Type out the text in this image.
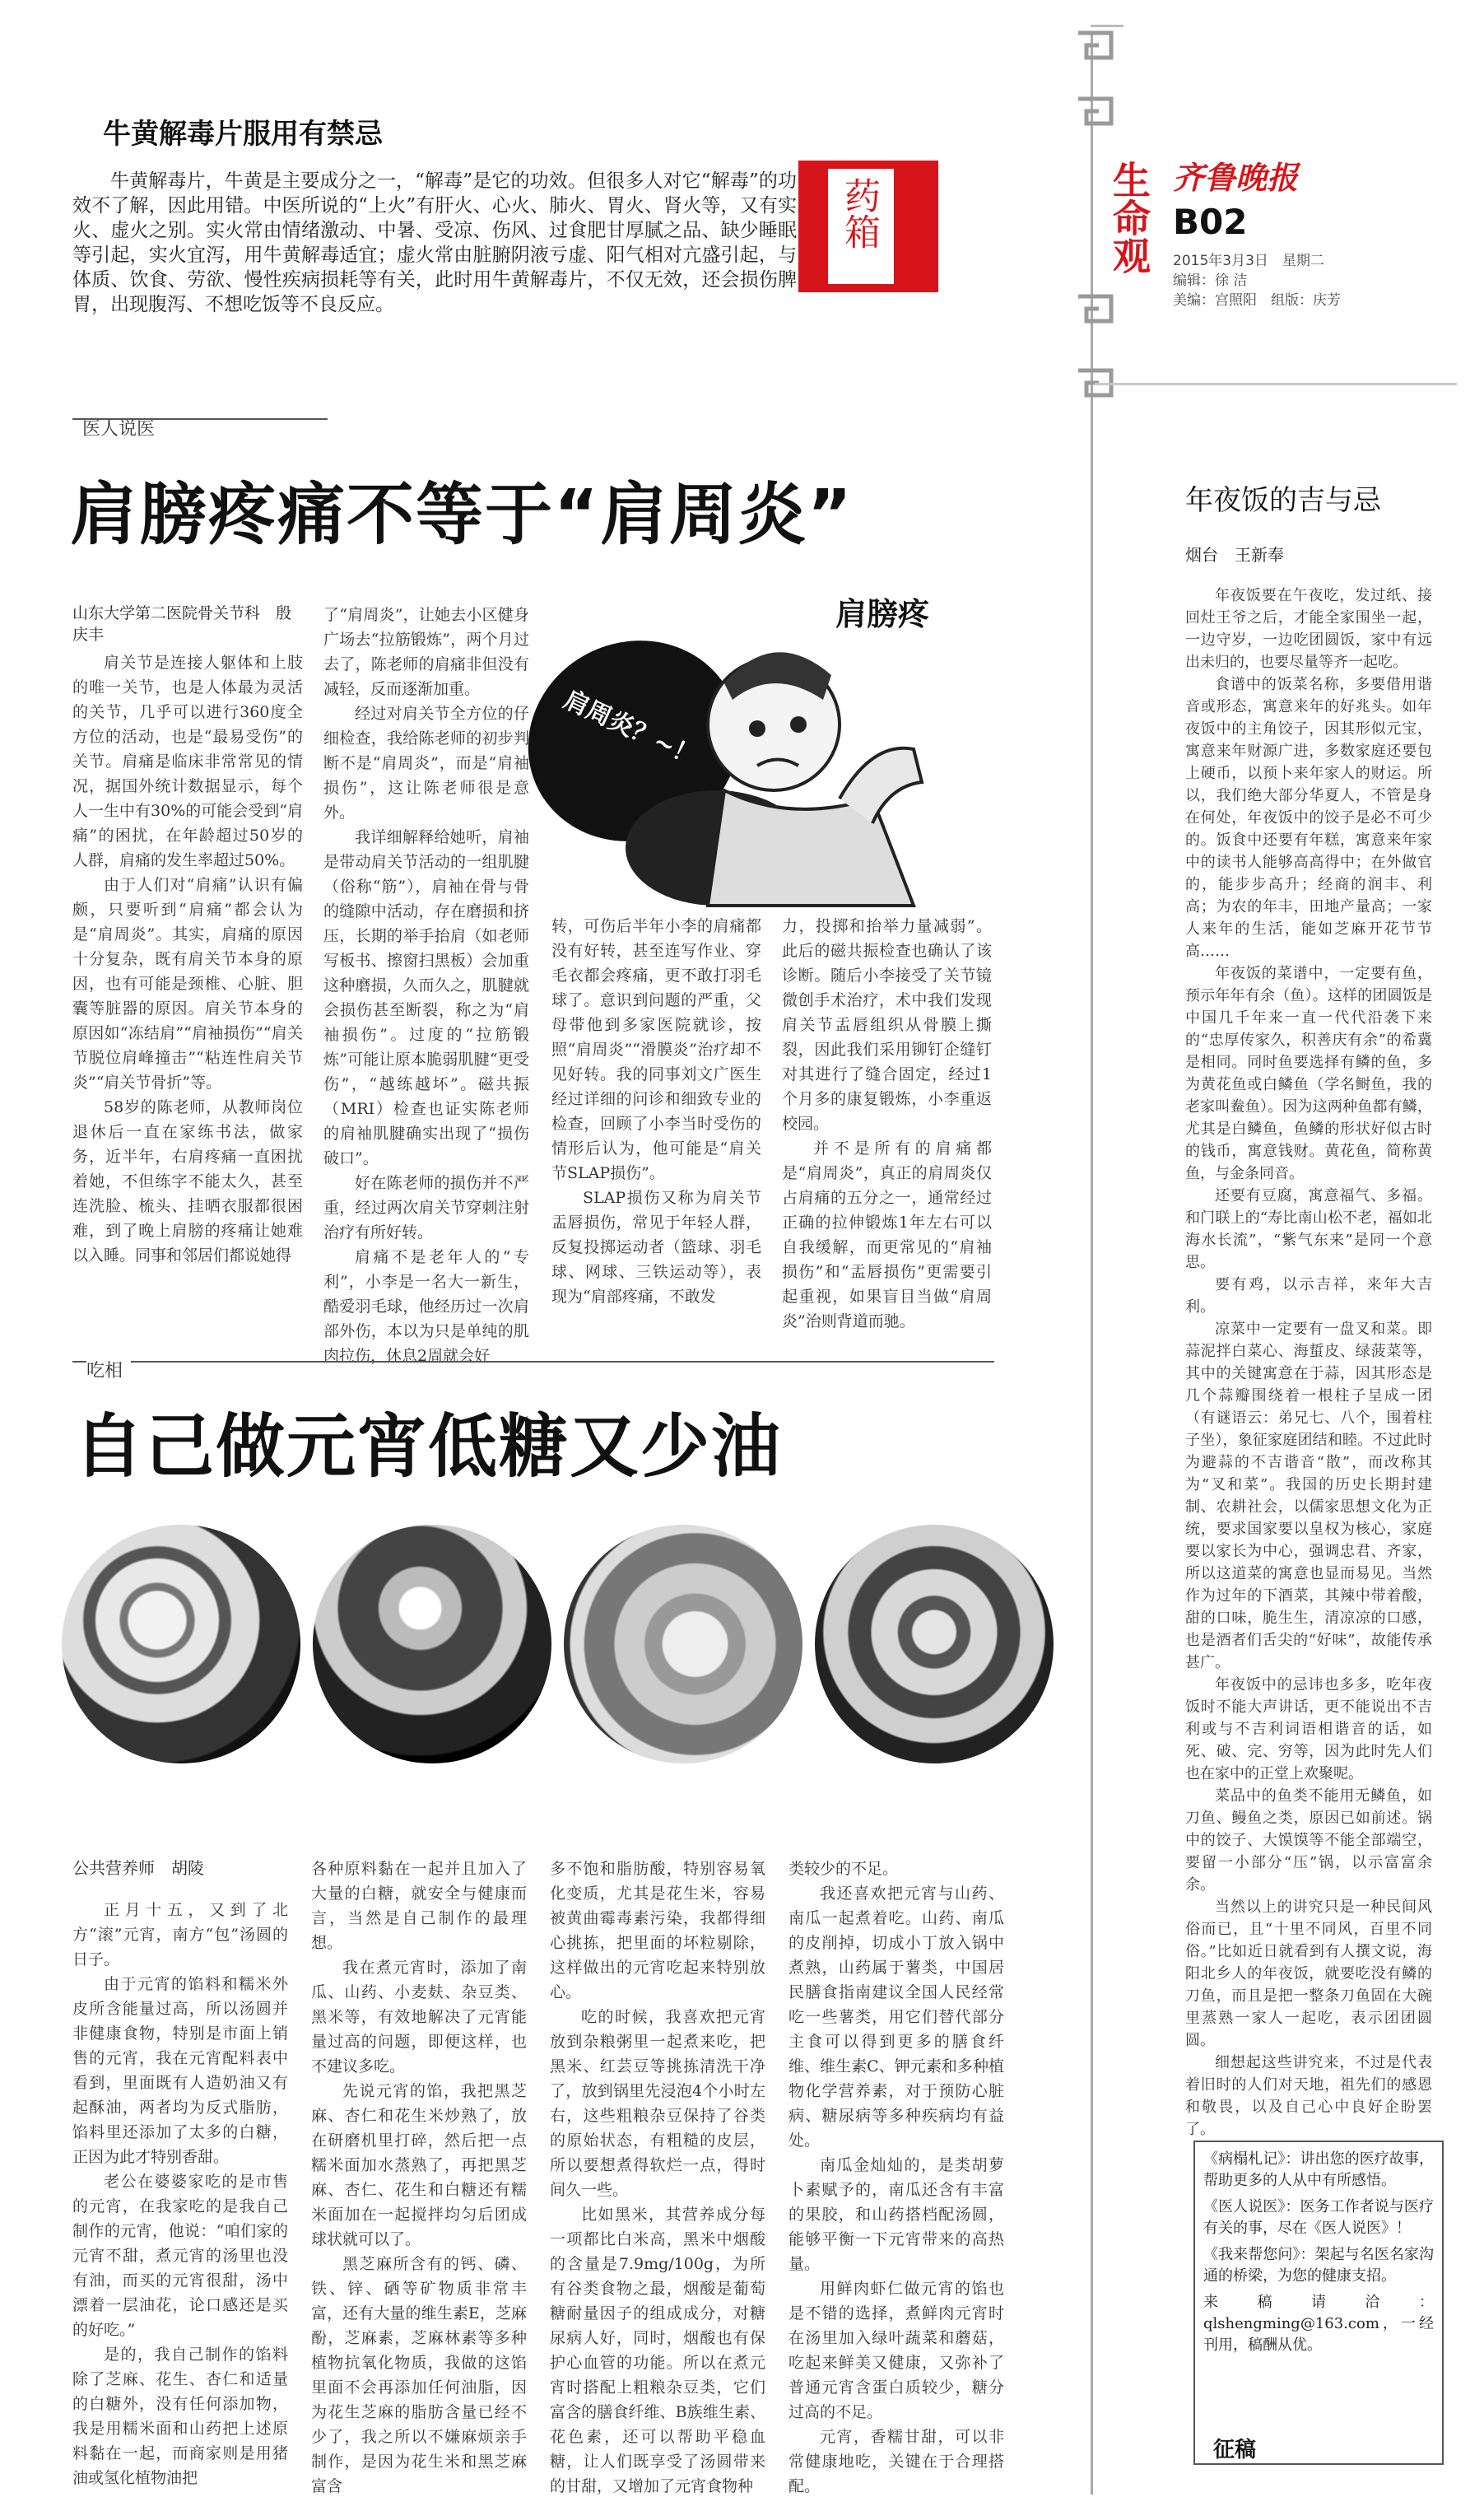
生命观 齐鲁晚报
B02
2015年3月3日　星期二
编辑：徐 洁
美编：宫照阳　组版：庆芳
牛黄解毒片服用有禁忌
牛黄解毒片，牛黄是主要成分之一，“解毒”是它的功效。但很多人对它“解毒”的功效不了解，因此用错。中医所说的“上火”有肝火、心火、肺火、胃火、肾火等，又有实火、虚火之别。实火常由情绪激动、中暑、受凉、伤风、过食肥甘厚腻之品、缺少睡眠等引起，实火宜泻，用牛黄解毒适宜；虚火常由脏腑阴液亏虚、阳气相对亢盛引起，与体质、饮食、劳欲、慢性疾病损耗等有关，此时用牛黄解毒片，不仅无效，还会损伤脾胃，出现腹泻、不想吃饭等不良反应。
药箱
医人说医
肩膀疼痛不等于“肩周炎”
山东大学第二医院骨关节科　殷庆丰
肩膀疼
肩周炎？~！

肩关节是连接人躯体和上肢的唯一关节，也是人体最为灵活的关节，几乎可以进行360度全方位的活动，也是“最易受伤”的关节。肩痛是临床非常常见的情况，据国外统计数据显示，每个人一生中有30%的可能会受到“肩痛”的困扰，在年龄超过50岁的人群，肩痛的发生率超过50%。

由于人们对“肩痛”认识有偏颇，只要听到“肩痛”都会认为是“肩周炎”。其实，肩痛的原因十分复杂，既有肩关节本身的原因，也有可能是颈椎、心脏、胆囊等脏器的原因。肩关节本身的原因如“冻结肩”“肩袖损伤”“肩关节脱位肩峰撞击”“粘连性肩关节炎”“肩关节骨折”等。

58岁的陈老师，从教师岗位退休后一直在家练书法，做家务，近半年，右肩疼痛一直困扰着她，不但练字不能太久，甚至连洗脸、梳头、挂晒衣服都很困难，到了晚上肩膀的疼痛让她难以入睡。同事和邻居们都说她得

了“肩周炎”，让她去小区健身广场去“拉筋锻炼”，两个月过去了，陈老师的肩痛非但没有减轻，反而逐渐加重。

经过对肩关节全方位的仔细检查，我给陈老师的初步判断不是“肩周炎”，而是“肩袖损伤”，这让陈老师很是意外。

我详细解释给她听，肩袖是带动肩关节活动的一组肌腱（俗称“筋”），肩袖在骨与骨的缝隙中活动，存在磨损和挤压，长期的举手抬肩（如老师写板书、擦窗扫黑板）会加重这种磨损，久而久之，肌腱就会损伤甚至断裂，称之为“肩袖损伤”。过度的“拉筋锻炼”可能让原本脆弱肌腱“更受伤”，“越练越坏”。磁共振（MRI）检查也证实陈老师的肩袖肌腱确实出现了“损伤破口”。

好在陈老师的损伤并不严重，经过两次肩关节穿刺注射治疗有所好转。

肩痛不是老年人的“专利”，小李是一名大一新生，酷爱羽毛球，他经历过一次肩部外伤，本以为只是单纯的肌肉拉伤，休息2周就会好

转，可伤后半年小李的肩痛都没有好转，甚至连写作业、穿毛衣都会疼痛，更不敢打羽毛球了。意识到问题的严重，父母带他到多家医院就诊，按照“肩周炎”“滑膜炎”治疗却不见好转。我的同事刘文广医生经过详细的问诊和细致专业的检查，回顾了小李当时受伤的情形后认为，他可能是“肩关节SLAP损伤”。

SLAP损伤又称为肩关节盂唇损伤，常见于年轻人群，反复投掷运动者（篮球、羽毛球、网球、三铁运动等），表现为“肩部疼痛，不敢发

力，投掷和抬举力量减弱”。此后的磁共振检查也确认了该诊断。随后小李接受了关节镜微创手术治疗，术中我们发现肩关节盂唇组织从骨膜上撕裂，因此我们采用铆钉企缝钉对其进行了缝合固定，经过1个月多的康复锻炼，小李重返校园。

并不是所有的肩痛都是“肩周炎”，真正的肩周炎仅占肩痛的五分之一，通常经过正确的拉伸锻炼1年左右可以自我缓解，而更常见的“肩袖损伤”和“盂唇损伤”更需要引起重视，如果盲目当做“肩周炎”治则背道而驰。

吃相
自己做元宵低糖又少油
公共营养师　胡陵

正月十五，又到了北方“滚”元宵，南方“包”汤圆的日子。

由于元宵的馅料和糯米外皮所含能量过高，所以汤圆并非健康食物，特别是市面上销售的元宵，我在元宵配料表中看到，里面既有人造奶油又有起酥油，两者均为反式脂肪，馅料里还添加了太多的白糖，正因为此才特别香甜。

老公在婆婆家吃的是市售的元宵，在我家吃的是我自己制作的元宵，他说：“咱们家的元宵不甜，煮元宵的汤里也没有油，而买的元宵很甜，汤中漂着一层油花，论口感还是买的好吃。”

是的，我自己制作的馅料除了芝麻、花生、杏仁和适量的白糖外，没有任何添加物，我是用糯米面和山药把上述原料黏在一起，而商家则是用猪油或氢化植物油把

各种原料黏在一起并且加入了大量的白糖，就安全与健康而言，当然是自己制作的最理想。

我在煮元宵时，添加了南瓜、山药、小麦麸、杂豆类、黑米等，有效地解决了元宵能量过高的问题，即便这样，也不建议多吃。

先说元宵的馅，我把黑芝麻、杏仁和花生米炒熟了，放在研磨机里打碎，然后把一点糯米面加水蒸熟了，再把黑芝麻、杏仁、花生和白糖还有糯米面加在一起搅拌均匀后团成球状就可以了。

黑芝麻所含有的钙、磷、铁、锌、硒等矿物质非常丰富，还有大量的维生素E，芝麻酚，芝麻素，芝麻林素等多种植物抗氧化物质，我做的这馅里面不会再添加任何油脂，因为花生芝麻的脂肪含量已经不少了，我之所以不嫌麻烦亲手制作，是因为花生米和黑芝麻富含

多不饱和脂肪酸，特别容易氧化变质，尤其是花生米，容易被黄曲霉毒素污染，我都得细心挑拣，把里面的坏粒剔除，这样做出的元宵吃起来特别放心。

吃的时候，我喜欢把元宵放到杂粮粥里一起煮来吃，把黑米、红芸豆等挑拣清洗干净了，放到锅里先浸泡4个小时左右，这些粗粮杂豆保持了谷类的原始状态，有粗糙的皮层，所以要想煮得软烂一点，得时间久一些。

比如黑米，其营养成分每一项都比白米高，黑米中烟酸的含量是7.9mg/100g，为所有谷类食物之最，烟酸是葡萄糖耐量因子的组成成分，对糖尿病人好，同时，烟酸也有保护心血管的功能。所以在煮元宵时搭配上粗粮杂豆类，它们富含的膳食纤维、B族维生素、花色素，还可以帮助平稳血糖，让人们既享受了汤圆带来的甘甜，又增加了元宵食物种

类较少的不足。

我还喜欢把元宵与山药、南瓜一起煮着吃。山药、南瓜的皮削掉，切成小丁放入锅中煮熟，山药属于薯类，中国居民膳食指南建议全国人民经常吃一些薯类，用它们替代部分主食可以得到更多的膳食纤维、维生素C、钾元素和多种植物化学营养素，对于预防心脏病、糖尿病等多种疾病均有益处。

南瓜金灿灿的，是类胡萝卜素赋予的，南瓜还含有丰富的果胶，和山药搭档配汤圆，能够平衡一下元宵带来的高热量。

用鲜肉虾仁做元宵的馅也是不错的选择，煮鲜肉元宵时在汤里加入绿叶蔬菜和蘑菇，吃起来鲜美又健康，又弥补了普通元宵含蛋白质较少，糖分过高的不足。

元宵，香糯甘甜，可以非常健康地吃，关键在于合理搭配。

年夜饭的吉与忌
烟台　王新奉

年夜饭要在午夜吃，发过纸、接回灶王爷之后，才能全家围坐一起，一边守岁，一边吃团圆饭，家中有远出未归的，也要尽量等齐一起吃。

食谱中的饭菜名称，多要借用谐音或形态，寓意来年的好兆头。如年夜饭中的主角饺子，因其形似元宝，寓意来年财源广进，多数家庭还要包上硬币，以预卜来年家人的财运。所以，我们绝大部分华夏人，不管是身在何处，年夜饭中的饺子是必不可少的。饭食中还要有年糕，寓意来年家中的读书人能够高高得中；在外做官的，能步步高升；经商的润丰、利高；为农的年丰，田地产量高；一家人来年的生活，能如芝麻开花节节高……

年夜饭的菜谱中，一定要有鱼，预示年年有余（鱼）。这样的团圆饭是中国几千年来一直一代代沿袭下来的“忠厚传家久，积善庆有余”的希冀是相同。同时鱼要选择有鳞的鱼，多为黄花鱼或白鳞鱼（学名鲥鱼，我的老家叫鲞鱼）。因为这两种鱼都有鳞，尤其是白鳞鱼，鱼鳞的形状好似古时的钱币，寓意钱财。黄花鱼，简称黄鱼，与金条同音。

还要有豆腐，寓意福气、多福。和门联上的“寿比南山松不老，福如北海水长流”，“紫气东来”是同一个意思。

要有鸡，以示吉祥，来年大吉利。

凉菜中一定要有一盘叉和菜。即蒜泥拌白菜心、海蜇皮、绿菠菜等，其中的关键寓意在于蒜，因其形态是几个蒜瓣围绕着一根柱子呈成一团（有谜语云：弟兄七、八个，围着柱子坐），象征家庭团结和睦。不过此时为避蒜的不吉谐音“散”，而改称其为“叉和菜”。我国的历史长期封建制、农耕社会，以儒家思想文化为正统，要求国家要以皇权为核心，家庭要以家长为中心，强调忠君、齐家，所以这道菜的寓意也显而易见。当然作为过年的下酒菜，其辣中带着酸，甜的口味，脆生生，清凉凉的口感，也是酒者们舌尖的“好味”，故能传承甚广。

年夜饭中的忌讳也多多，吃年夜饭时不能大声讲话，更不能说出不吉利或与不吉利词语相谐音的话，如死、破、完、穷等，因为此时先人们也在家中的正堂上欢聚呢。

菜品中的鱼类不能用无鳞鱼，如刀鱼、鳗鱼之类，原因已如前述。锅中的饺子、大馍馍等不能全部端空，要留一小部分“压”锅，以示富富余余。

当然以上的讲究只是一种民间风俗而已，且“十里不同风，百里不同俗。”比如近日就看到有人撰文说，海阳北乡人的年夜饭，就要吃没有鳞的刀鱼，而且是把一整条刀鱼固在大碗里蒸熟一家人一起吃，表示团团圆圆。

细想起这些讲究来，不过是代表着旧时的人们对天地，祖先们的感恩和敬畏，以及自己心中良好企盼罢了。

《病榻札记》：讲出您的医疗故事，帮助更多的人从中有所感悟。
《医人说医》：医务工作者说与医疗有关的事，尽在《医人说医》！
《我来帮您问》：架起与名医名家沟通的桥梁，为您的健康支招。
来稿请洽：qlshengming@163.com，一经刊用，稿酬从优。
征稿
